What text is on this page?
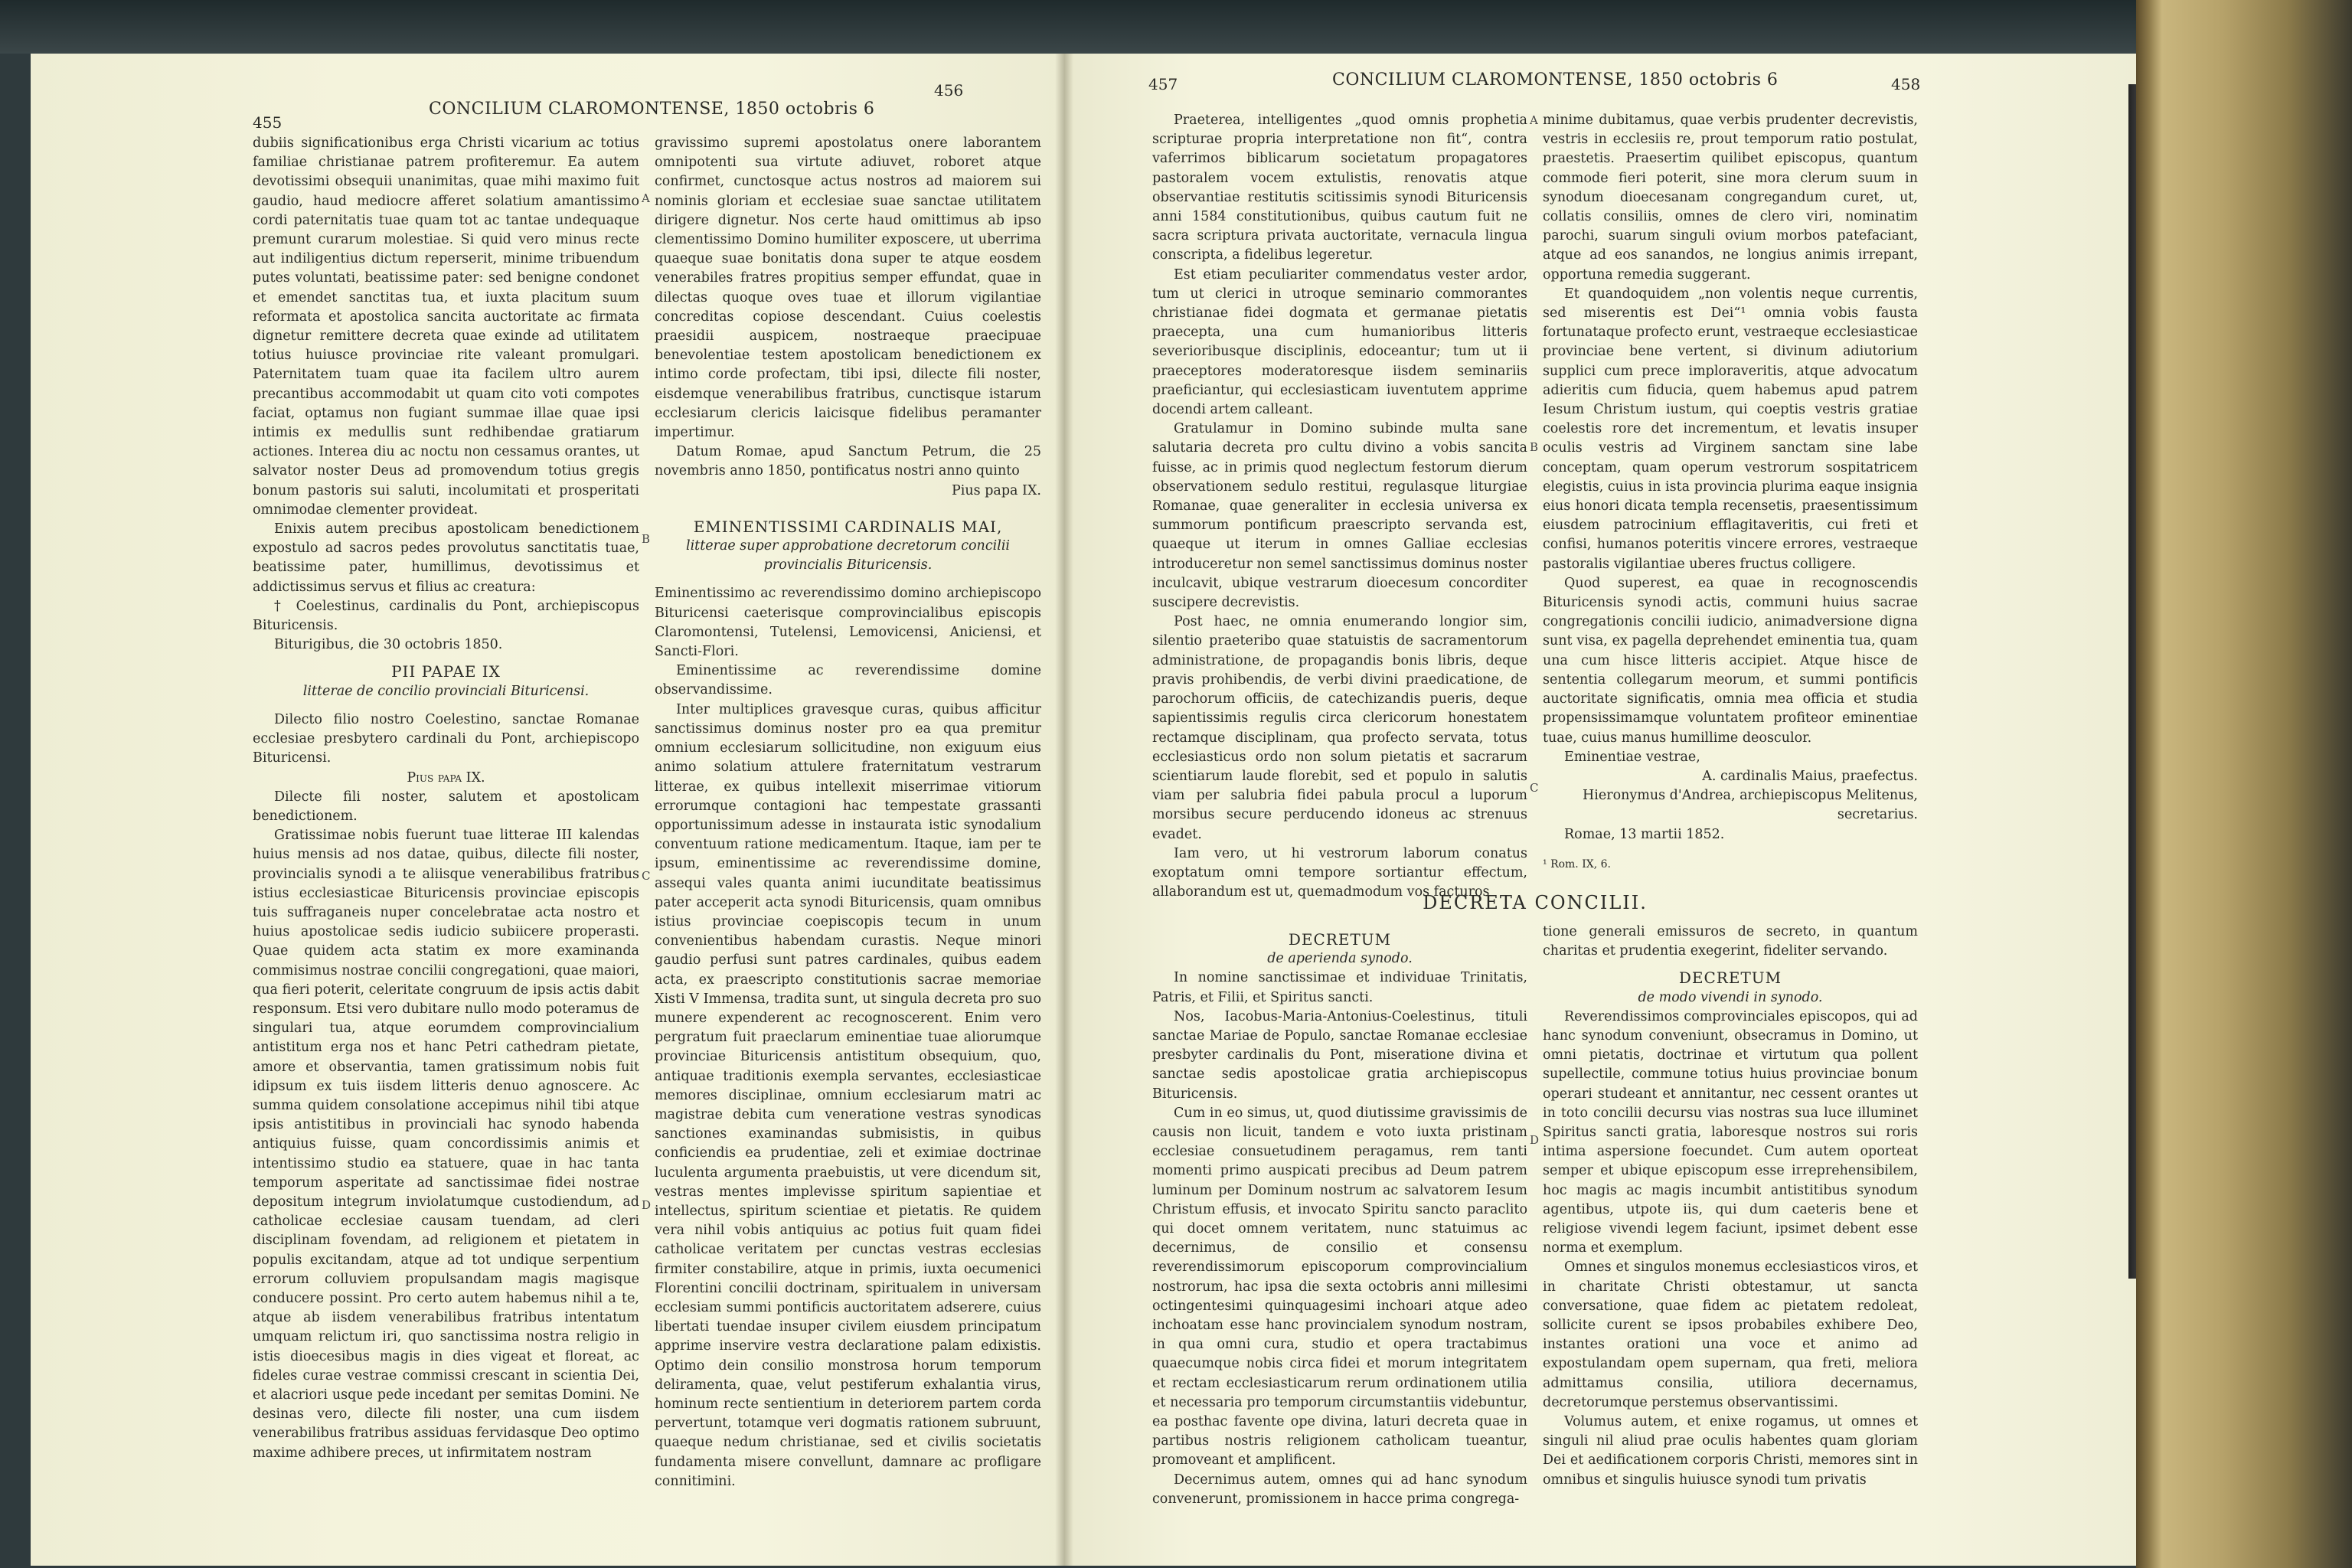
455
CONCILIUM CLAROMONTENSE, 1850 octobris 6
456

dubiis significationibus erga Christi vicarium ac totius familiae christianae patrem profiteremur. Ea autem devotissimi obsequii unanimitas, quae mihi maximo fuit gaudio, haud mediocre afferet solatium amantissimo cordi paternitatis tuae quam tot ac tantae undequaque premunt curarum molestiae. Si quid vero minus recte aut indiligentius dictum reperserit, minime tribuendum putes voluntati, beatissime pater: sed benigne condonet et emendet sanctitas tua, et iuxta placitum suum reformata et apostolica sancita auctoritate ac firmata dignetur remittere decreta quae exinde ad utilitatem totius huiusce provinciae rite valeant promulgari. Paternitatem tuam quae ita facilem ultro aurem precantibus accommodabit ut quam cito voti compotes faciat, optamus non fugiant summae illae quae ipsi intimis ex medullis sunt redhibendae gratiarum actiones. Interea diu ac noctu non cessamus orantes, ut salvator noster Deus ad promovendum totius gregis bonum pastoris sui saluti, incolumitati et prosperitati omnimodae clementer provideat.

Enixis autem precibus apostolicam benedictionem expostulo ad sacros pedes provolutus sanctitatis tuae, beatissime pater, humillimus, devotissimus et addictissimus servus et filius ac creatura:

† Coelestinus, cardinalis du Pont, archiepiscopus Bituricensis.

Biturigibus, die 30 octobris 1850.

PII PAPAE IX

litterae de concilio provinciali Bituricensi.

Dilecto filio nostro Coelestino, sanctae Romanae ecclesiae presbytero cardinali du Pont, archiepiscopo Bituricensi.

Pius papa IX.

Dilecte fili noster, salutem et apostolicam benedictionem.

Gratissimae nobis fuerunt tuae litterae III kalendas huius mensis ad nos datae, quibus, dilecte fili noster, provincialis synodi a te aliisque venerabilibus fratribus istius ecclesiasticae Bituricensis provinciae episcopis tuis suffraganeis nuper concelebratae acta nostro et huius apostolicae sedis iudicio subiicere properasti. Quae quidem acta statim ex more examinanda commisimus nostrae concilii congregationi, quae maiori, qua fieri poterit, celeritate congruum de ipsis actis dabit responsum. Etsi vero dubitare nullo modo poteramus de singulari tua, atque eorumdem comprovincialium antistitum erga nos et hanc Petri cathedram pietate, amore et observantia, tamen gratissimum nobis fuit idipsum ex tuis iisdem litteris denuo agnoscere. Ac summa quidem consolatione accepimus nihil tibi atque ipsis antistitibus in provinciali hac synodo habenda antiquius fuisse, quam concordissimis animis et intentissimo studio ea statuere, quae in hac tanta temporum asperitate ad sanctissimae fidei nostrae depositum integrum inviolatumque custodiendum, ad catholicae ecclesiae causam tuendam, ad cleri disciplinam fovendam, ad religionem et pietatem in populis excitandam, atque ad tot undique serpentium errorum colluviem propulsandam magis magisque conducere possint. Pro certo autem habemus nihil a te, atque ab iisdem venerabilibus fratribus intentatum umquam relictum iri, quo sanctissima nostra religio in istis dioecesibus magis in dies vigeat et floreat, ac fideles curae vestrae commissi crescant in scientia Dei, et alacriori usque pede incedant per semitas Domini. Ne desinas vero, dilecte fili noster, una cum iisdem venerabilibus fratribus assiduas fervidasque Deo optimo maxime adhibere preces, ut infirmitatem nostram

gravissimo supremi apostolatus onere laborantem omnipotenti sua virtute adiuvet, roboret atque confirmet, cunctosque actus nostros ad maiorem sui nominis gloriam et ecclesiae suae sanctae utilitatem dirigere dignetur. Nos certe haud omittimus ab ipso clementissimo Domino humiliter exposcere, ut uberrima quaeque suae bonitatis dona super te atque eosdem venerabiles fratres propitius semper effundat, quae in dilectas quoque oves tuae et illorum vigilantiae concreditas copiose descendant. Cuius coelestis praesidii auspicem, nostraeque praecipuae benevolentiae testem apostolicam benedictionem ex intimo corde profectam, tibi ipsi, dilecte fili noster, eisdemque venerabilibus fratribus, cunctisque istarum ecclesiarum clericis laicisque fidelibus peramanter impertimur.

Datum Romae, apud Sanctum Petrum, die 25 novembris anno 1850, pontificatus nostri anno quinto

Pius papa IX.

EMINENTISSIMI CARDINALIS MAI,

litterae super approbatione decretorum concilii provincialis Bituricensis.

Eminentissimo ac reverendissimo domino archiepiscopo Bituricensi caeterisque comprovincialibus episcopis Claromontensi, Tutelensi, Lemovicensi, Aniciensi, et Sancti-Flori.

Eminentissime ac reverendissime domine observandissime.

Inter multiplices gravesque curas, quibus afficitur sanctissimus dominus noster pro ea qua premitur omnium ecclesiarum sollicitudine, non exiguum eius animo solatium attulere fraternitatum vestrarum litterae, ex quibus intellexit miserrimae vitiorum errorumque contagioni hac tempestate grassanti opportunissimum adesse in instaurata istic synodalium conventuum ratione medicamentum. Itaque, iam per te ipsum, eminentissime ac reverendissime domine, assequi vales quanta animi iucunditate beatissimus pater acceperit acta synodi Bituricensis, quam omnibus istius provinciae coepiscopis tecum in unum convenientibus habendam curastis. Neque minori gaudio perfusi sunt patres cardinales, quibus eadem acta, ex praescripto constitutionis sacrae memoriae Xisti V Immensa, tradita sunt, ut singula decreta pro suo munere expenderent ac recognoscerent. Enim vero pergratum fuit praeclarum eminentiae tuae aliorumque provinciae Bituricensis antistitum obsequium, quo, antiquae traditionis exempla servantes, ecclesiasticae memores disciplinae, omnium ecclesiarum matri ac magistrae debita cum veneratione vestras synodicas sanctiones examinandas submisistis, in quibus conficiendis ea prudentiae, zeli et eximiae doctrinae luculenta argumenta praebuistis, ut vere dicendum sit, vestras mentes implevisse spiritum sapientiae et intellectus, spiritum scientiae et pietatis. Re quidem vera nihil vobis antiquius ac potius fuit quam fidei catholicae veritatem per cunctas vestras ecclesias firmiter constabilire, atque in primis, iuxta oecumenici Florentini concilii doctrinam, spiritualem in universam ecclesiam summi pontificis auctoritatem adserere, cuius libertati tuendae insuper civilem eiusdem principatum apprime inservire vestra declaratione palam edixistis. Optimo dein consilio monstrosa horum temporum deliramenta, quae, velut pestiferum exhalantia virus, hominum recte sentientium in deteriorem partem corda pervertunt, totamque veri dogmatis rationem subruunt, quaeque nedum christianae, sed et civilis societatis fundamenta misere convellunt, damnare ac profligare connitimini.

A
B
C
D
457	CONCILIUM CLAROMONTENSE, 1850 octobris 6	458

Praeterea, intelligentes „quod omnis prophetia scripturae propria interpretatione non fit“, contra vaferrimos biblicarum societatum propagatores pastoralem vocem extulistis, renovatis atque observantiae restitutis scitissimis synodi Bituricensis anni 1584 constitutionibus, quibus cautum fuit ne sacra scriptura privata auctoritate, vernacula lingua conscripta, a fidelibus legeretur.

Est etiam peculiariter commendatus vester ardor, tum ut clerici in utroque seminario commorantes christianae fidei dogmata et germanae pietatis praecepta, una cum humanioribus litteris severioribusque disciplinis, edoceantur; tum ut ii praeceptores moderatoresque iisdem seminariis praeficiantur, qui ecclesiasticam iuventutem apprime docendi artem calleant.

Gratulamur in Domino subinde multa sane salutaria decreta pro cultu divino a vobis sancita fuisse, ac in primis quod neglectum festorum dierum observationem sedulo restitui, regulasque liturgiae Romanae, quae generaliter in ecclesia universa ex summorum pontificum praescripto servanda est, quaeque ut iterum in omnes Galliae ecclesias introduceretur non semel sanctissimus dominus noster inculcavit, ubique vestrarum dioecesum concorditer suscipere decrevistis.

Post haec, ne omnia enumerando longior sim, silentio praeteribo quae statuistis de sacramentorum administratione, de propagandis bonis libris, deque pravis prohibendis, de verbi divini praedicatione, de parochorum officiis, de catechizandis pueris, deque sapientissimis regulis circa clericorum honestatem rectamque disciplinam, qua profecto servata, totus ecclesiasticus ordo non solum pietatis et sacrarum scientiarum laude florebit, sed et populo in salutis viam per salubria fidei pabula procul a luporum morsibus secure perducendo idoneus ac strenuus evadet.

Iam vero, ut hi vestrorum laborum conatus exoptatum omni tempore sortiantur effectum, allaborandum est ut, quemadmodum vos facturos

minime dubitamus, quae verbis prudenter decrevistis, vestris in ecclesiis re, prout temporum ratio postulat, praestetis. Praesertim quilibet episcopus, quantum commode fieri poterit, sine mora clerum suum in synodum dioecesanam congregandum curet, ut, collatis consiliis, omnes de clero viri, nominatim parochi, suarum singuli ovium morbos patefaciant, atque ad eos sanandos, ne longius animis irrepant, opportuna remedia suggerant.

Et quandoquidem „non volentis neque currentis, sed miserentis est Dei“¹ omnia vobis fausta fortunataque profecto erunt, vestraeque ecclesiasticae provinciae bene vertent, si divinum adiutorium supplici cum prece imploraveritis, atque advocatum adieritis cum fiducia, quem habemus apud patrem Iesum Christum iustum, qui coeptis vestris gratiae coelestis rore det incrementum, et levatis insuper oculis vestris ad Virginem sanctam sine labe conceptam, quam operum vestrorum sospitatricem elegistis, cuius in ista provincia plurima eaque insignia eius honori dicata templa recensetis, praesentissimum eiusdem patrocinium efflagitaveritis, cui freti et confisi, humanos poteritis vincere errores, vestraeque pastoralis vigilantiae uberes fructus colligere.

Quod superest, ea quae in recognoscendis Bituricensis synodi actis, communi huius sacrae congregationis concilii iudicio, animadversione digna sunt visa, ex pagella deprehendet eminentia tua, quam una cum hisce litteris accipiet. Atque hisce de sententia collegarum meorum, et summi pontificis auctoritate significatis, omnia mea officia et studia propensissimamque voluntatem profiteor eminentiae tuae, cuius manus humillime deosculor.

Eminentiae vestrae,

A. cardinalis Maius, praefectus.

Hieronymus d'Andrea, archiepiscopus Melitenus, secretarius.

Romae, 13 martii 1852.

¹ Rom. IX, 6.

DECRETA CONCILII.
DECRETUM

de aperienda synodo.

In nomine sanctissimae et individuae Trinitatis, Patris, et Filii, et Spiritus sancti.

Nos, Iacobus-Maria-Antonius-Coelestinus, tituli sanctae Mariae de Populo, sanctae Romanae ecclesiae presbyter cardinalis du Pont, miseratione divina et sanctae sedis apostolicae gratia archiepiscopus Bituricensis.

Cum in eo simus, ut, quod diutissime gravissimis de causis non licuit, tandem e voto iuxta pristinam ecclesiae consuetudinem peragamus, rem tanti momenti primo auspicati precibus ad Deum patrem luminum per Dominum nostrum ac salvatorem Iesum Christum effusis, et invocato Spiritu sancto paraclito qui docet omnem veritatem, nunc statuimus ac decernimus, de consilio et consensu reverendissimorum episcoporum comprovincialium nostrorum, hac ipsa die sexta octobris anni millesimi octingentesimi quinquagesimi inchoari atque adeo inchoatam esse hanc provincialem synodum nostram, in qua omni cura, studio et opera tractabimus quaecumque nobis circa fidei et morum integritatem et rectam ecclesiasticarum rerum ordinationem utilia et necessaria pro temporum circumstantiis videbuntur, ea posthac favente ope divina, laturi decreta quae in partibus nostris religionem catholicam tueantur, promoveant et amplificent.

Decernimus autem, omnes qui ad hanc synodum convenerunt, promissionem in hacce prima congrega-

tione generali emissuros de secreto, in quantum charitas et prudentia exegerint, fideliter servando.

DECRETUM

de modo vivendi in synodo.

Reverendissimos comprovinciales episcopos, qui ad hanc synodum conveniunt, obsecramus in Domino, ut omni pietatis, doctrinae et virtutum qua pollent supellectile, commune totius huius provinciae bonum operari studeant et annitantur, nec cessent orantes ut in toto concilii decursu vias nostras sua luce illuminet Spiritus sancti gratia, laboresque nostros sui roris intima aspersione foecundet. Cum autem oporteat semper et ubique episcopum esse irreprehensibilem, hoc magis ac magis incumbit antistitibus synodum agentibus, utpote iis, qui dum caeteris bene et religiose vivendi legem faciunt, ipsimet debent esse norma et exemplum.

Omnes et singulos monemus ecclesiasticos viros, et in charitate Christi obtestamur, ut sancta conversatione, quae fidem ac pietatem redoleat, sollicite curent se ipsos probabiles exhibere Deo, instantes orationi una voce et animo ad expostulandam opem supernam, qua freti, meliora admittamus consilia, utiliora decernamus, decretorumque perstemus observantissimi.

Volumus autem, et enixe rogamus, ut omnes et singuli nil aliud prae oculis habentes quam gloriam Dei et aedificationem corporis Christi, memores sint in omnibus et singulis huiusce synodi tum privatis

A
B
C
D
